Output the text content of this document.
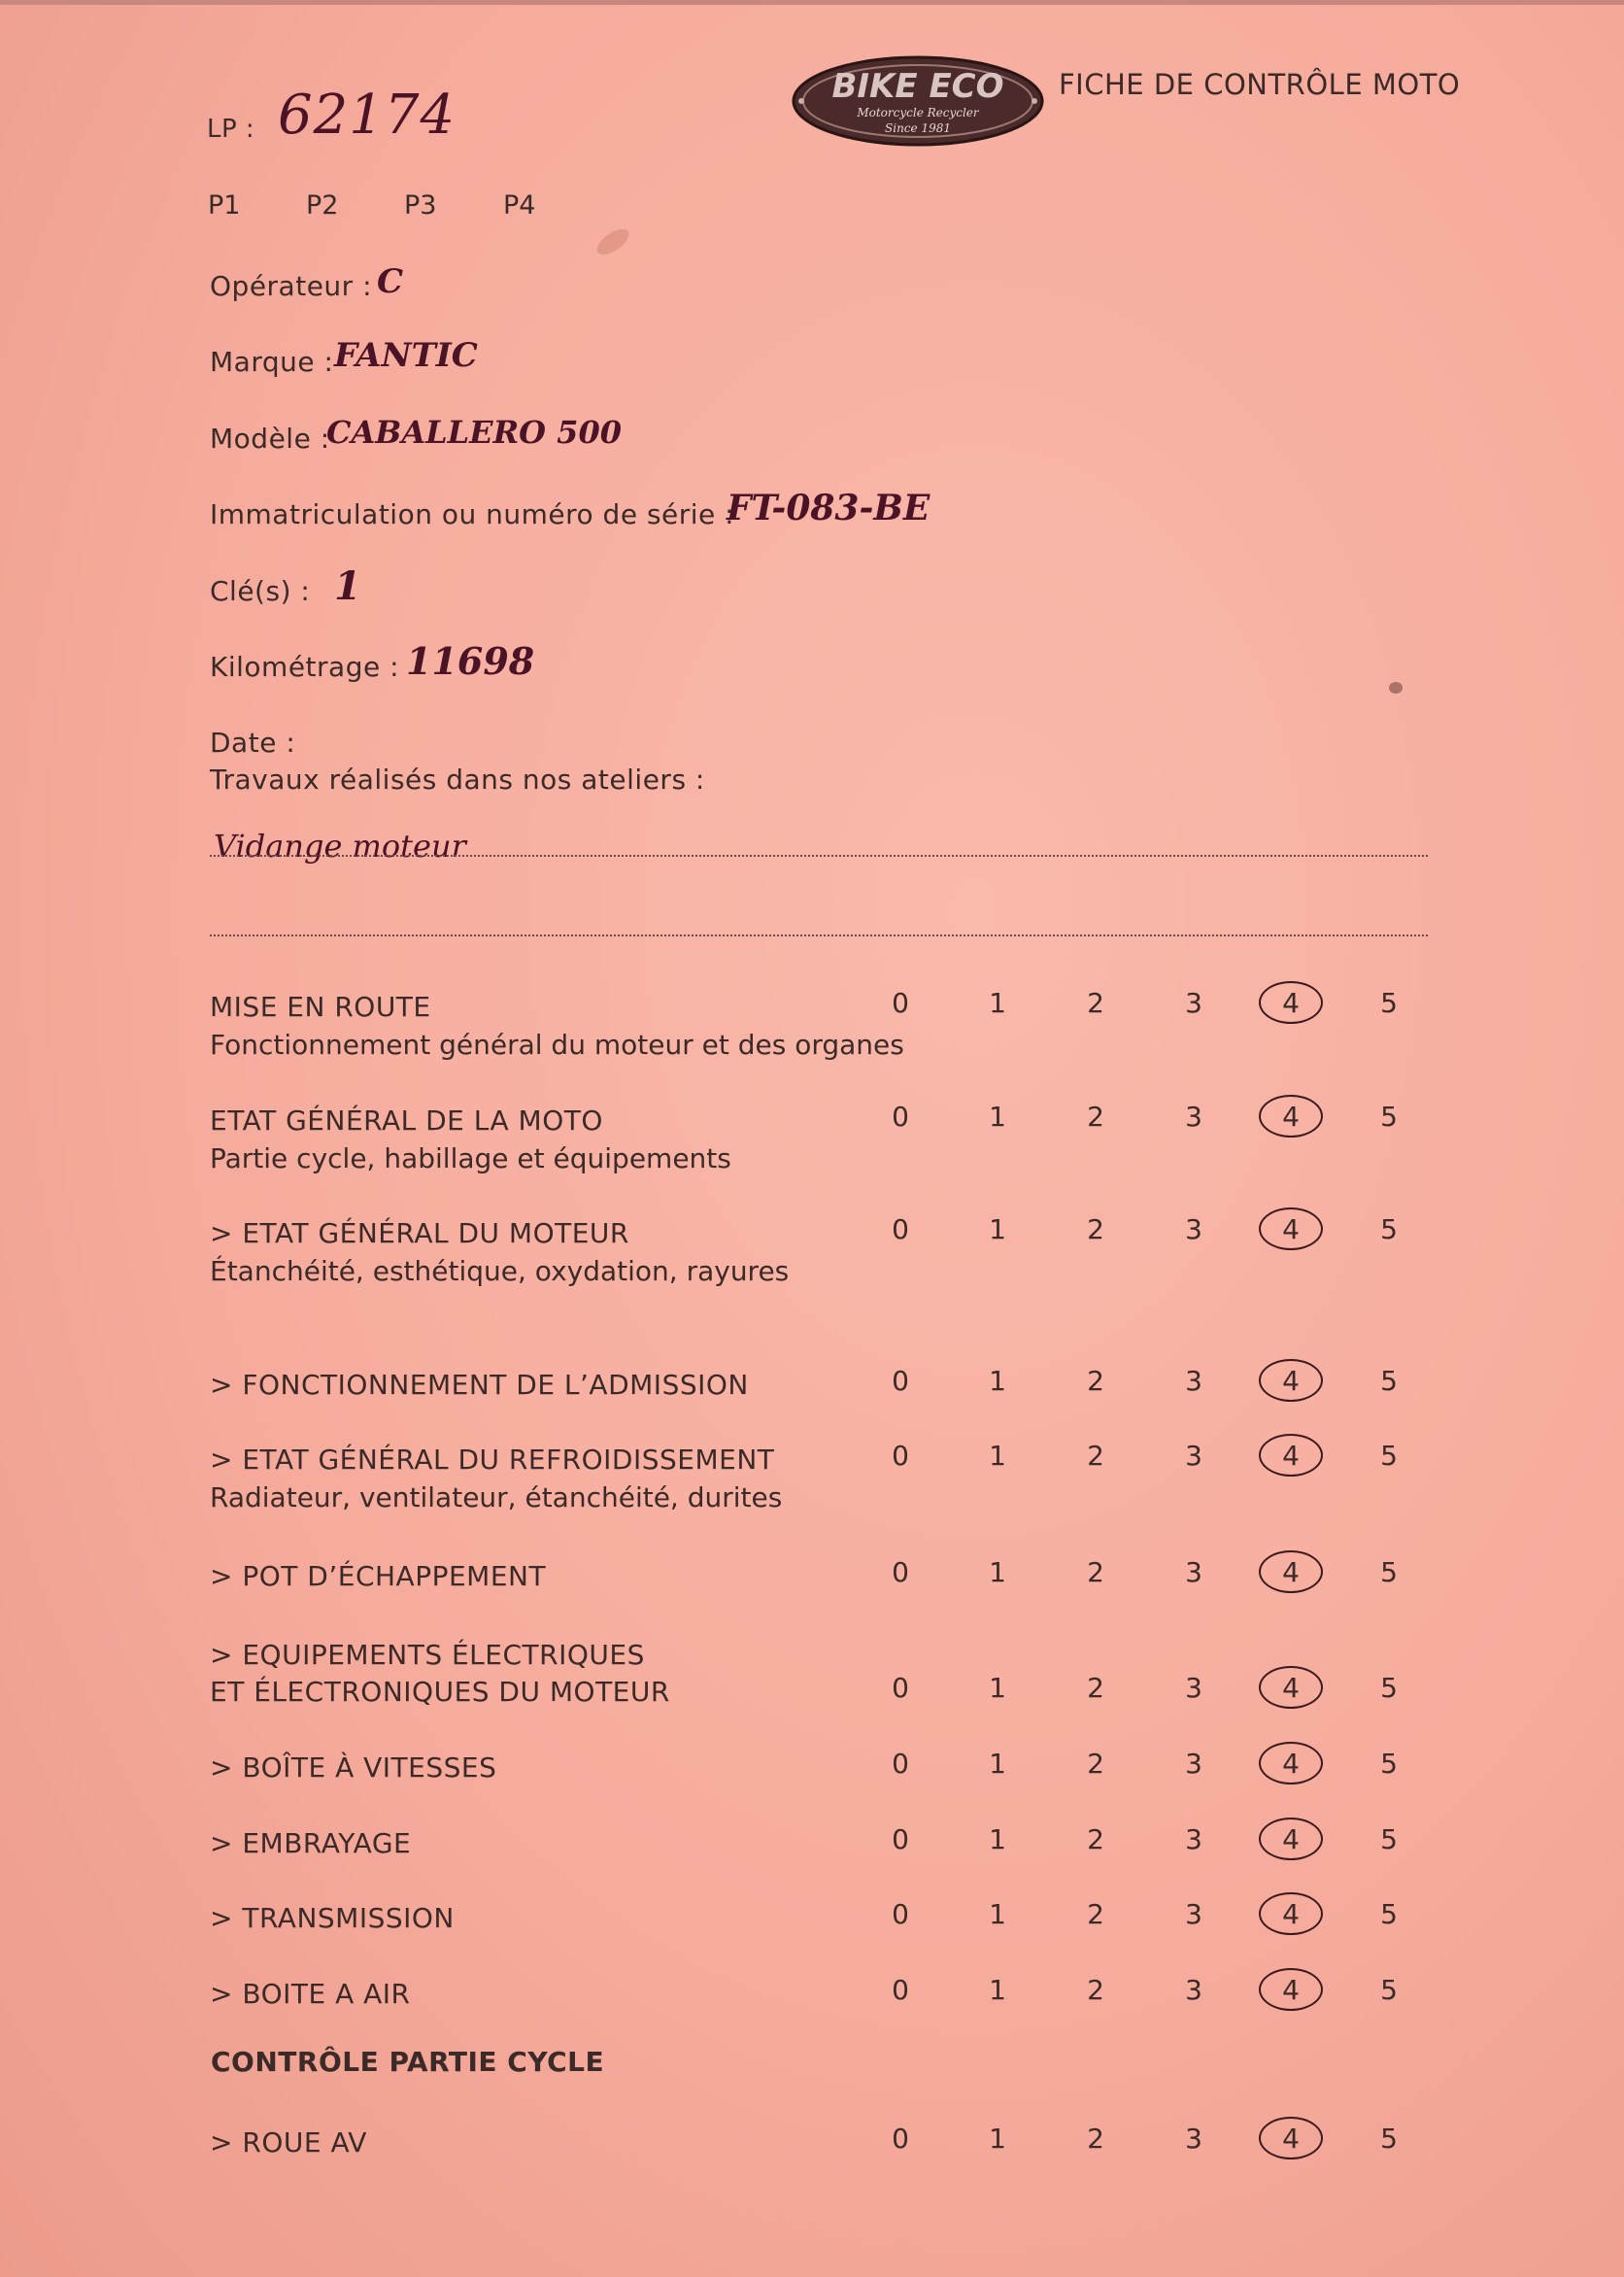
LP : 62174	BIKE ECO
Motorcycle Recycler
Since 1981
FICHE DE CONTRÔLE MOTO
P1	P2	P3	P4
Opérateur : C
Marque : FANTIC
Modèle :
CABALLERO 500
Immatriculation ou numéro de série :
FT-083-BE
Clé(s) : 1
Kilométrage : 11698
Date :
Travaux réalisés dans nos ateliers :
Vidange moteur
CONTRÔLE PARTIE CYCLE
MISE EN ROUTE
Fonctionnement général du moteur et des organes
0	1	2	3	4	5
ETAT GÉNÉRAL DE LA MOTO
Partie cycle, habillage et équipements
0	1	2	3	4	5
> ETAT GÉNÉRAL DU MOTEUR
Étanchéité, esthétique, oxydation, rayures
0	1	2	3	4	5
> FONCTIONNEMENT DE L’ADMISSION	0	1	2	3	4	5
> ETAT GÉNÉRAL DU REFROIDISSEMENT
Radiateur, ventilateur, étanchéité, durites
0	1	2	3	4	5
> POT D’ÉCHAPPEMENT	0	1	2	3	4	5
> EQUIPEMENTS ÉLECTRIQUES
ET ÉLECTRONIQUES DU MOTEUR	0	1	2	3	4	5
> BOÎTE À VITESSES	0	1	2	3	4	5
> EMBRAYAGE	0	1	2	3	4	5
> TRANSMISSION	0	1	2	3	4	5
> BOITE A AIR	0	1	2	3	4	5
> ROUE AV	0	1	2	3	4	5
